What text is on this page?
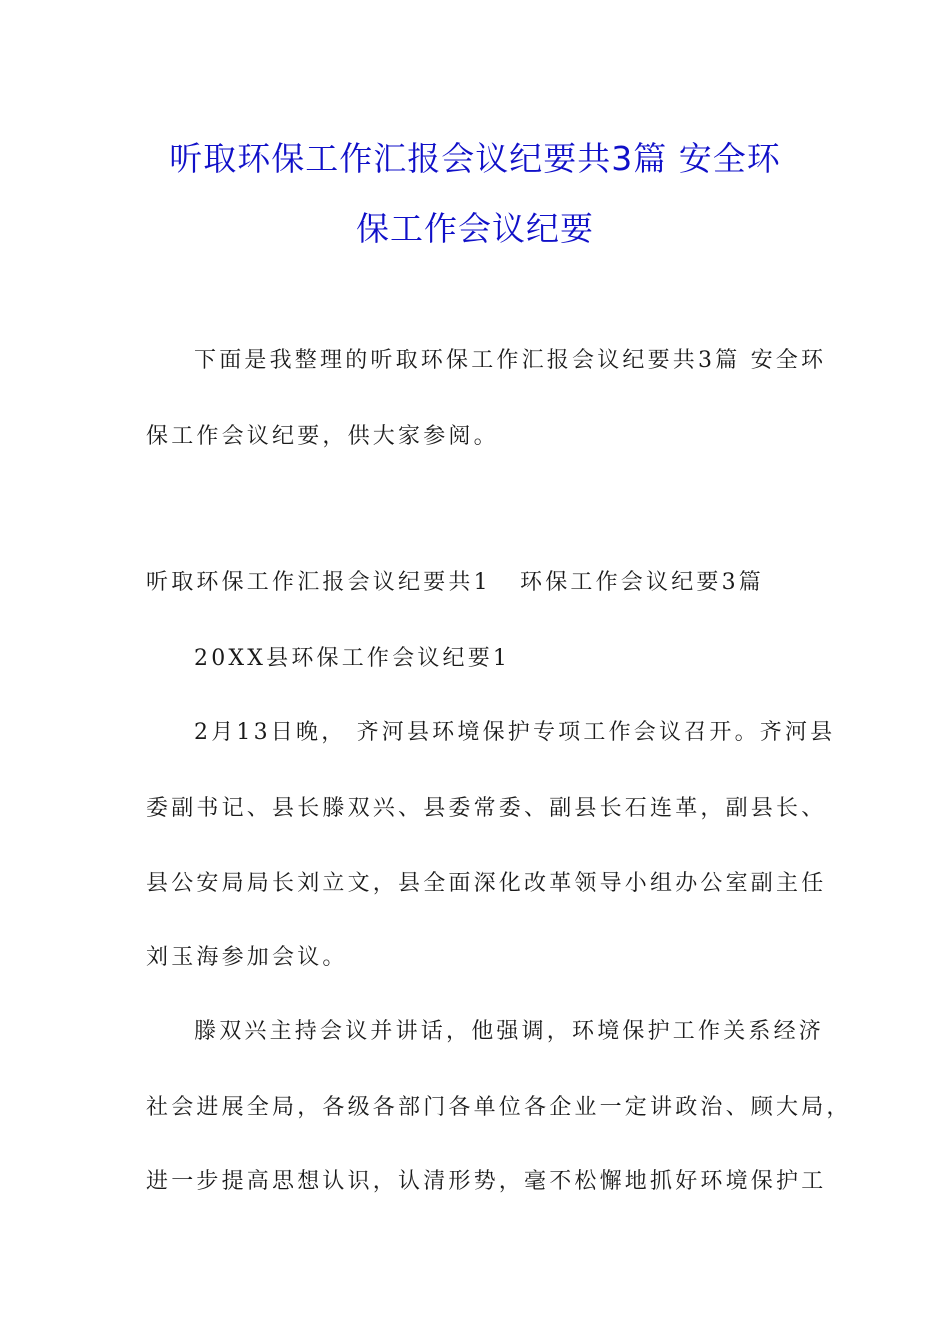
听取环保工作汇报会议纪要共3篇 安全环
保工作会议纪要
下面是我整理的听取环保工作汇报会议纪要共3篇 安全环
保工作会议纪要，供大家参阅。
听取环保工作汇报会议纪要共1 环保工作会议纪要3篇
20XX县环保工作会议纪要1
2月13日晚， 齐河县环境保护专项工作会议召开。齐河县
委副书记、县长滕双兴、县委常委、副县长石连革，副县长、
县公安局局长刘立文，县全面深化改革领导小组办公室副主任
刘玉海参加会议。
滕双兴主持会议并讲话，他强调，环境保护工作关系经济
社会进展全局，各级各部门各单位各企业一定讲政治、顾大局，
进一步提高思想认识，认清形势，毫不松懈地抓好环境保护工
